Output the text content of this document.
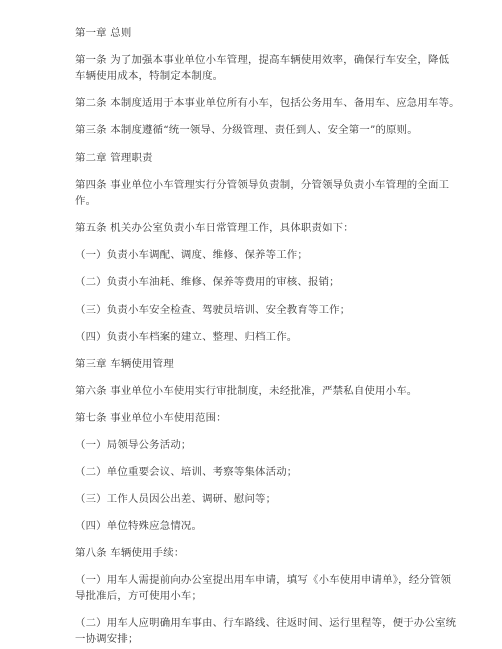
第一章 总则
第一条 为了加强本事业单位小车管理，提高车辆使用效率，确保行车安全，降低
车辆使用成本，特制定本制度。
第二条 本制度适用于本事业单位所有小车，包括公务用车、备用车、应急用车等。
第三条 本制度遵循“统一领导、分级管理、责任到人、安全第一”的原则。
第二章 管理职责
第四条 事业单位小车管理实行分管领导负责制，分管领导负责小车管理的全面工
作。
第五条 机关办公室负责小车日常管理工作，具体职责如下：
（一）负责小车调配、调度、维修、保养等工作；
（二）负责小车油耗、维修、保养等费用的审核、报销；
（三）负责小车安全检查、驾驶员培训、安全教育等工作；
（四）负责小车档案的建立、整理、归档工作。
第三章 车辆使用管理
第六条 事业单位小车使用实行审批制度，未经批准，严禁私自使用小车。
第七条 事业单位小车使用范围：
（一）局领导公务活动；
（二）单位重要会议、培训、考察等集体活动；
（三）工作人员因公出差、调研、慰问等；
（四）单位特殊应急情况。
第八条 车辆使用手续：
（一）用车人需提前向办公室提出用车申请，填写《小车使用申请单》，经分管领
导批准后，方可使用小车；
（二）用车人应明确用车事由、行车路线、往返时间、运行里程等，便于办公室统
一协调安排；
